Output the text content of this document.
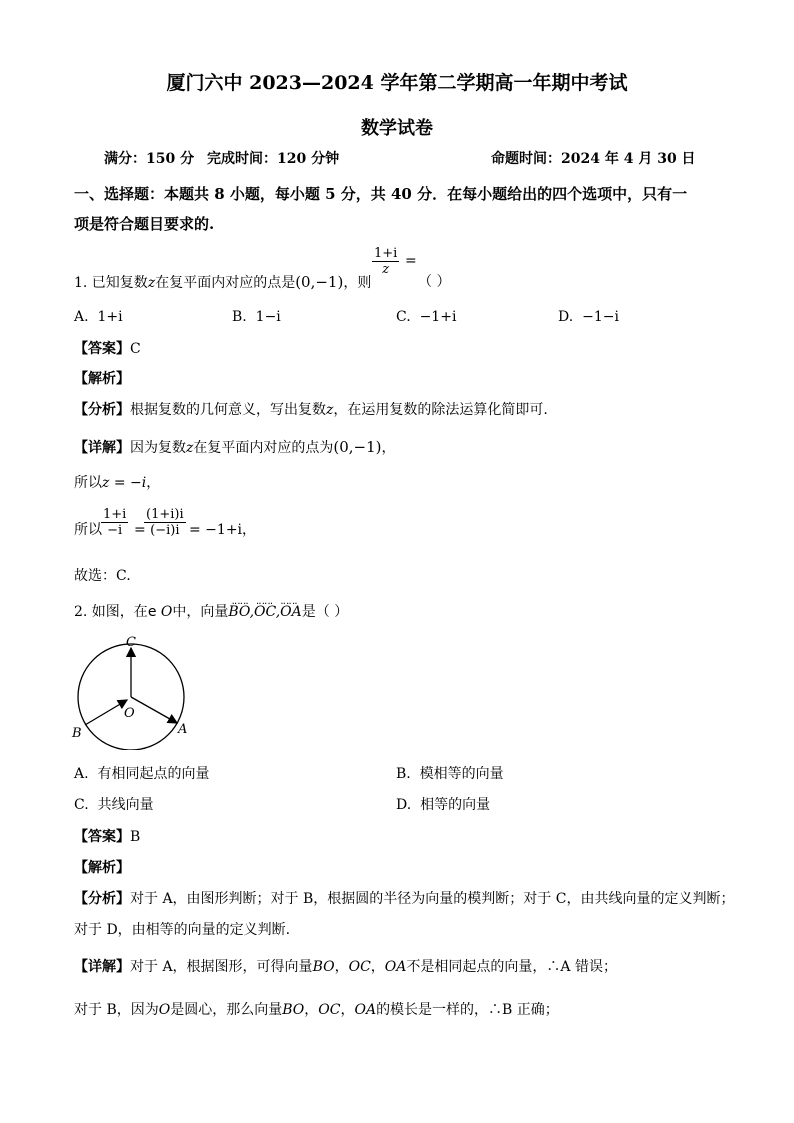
厦门六中 2023—2024 学年第二学期高一年期中考试
数学试卷
满分：150 分 完成时间：120 分钟	命题时间：2024 年 4 月 30 日
一、选择题：本题共 8 小题，每小题 5 分，共 40 分．在每小题给出的四个选项中，只有一
项是符合题目要求的.
1. 已知复数z在复平面内对应的点是(0,−1)，则
$\frac{1+i}{z}$ =
（ ）
A. 1+i	B. 1−i	C. −1+i	D. −1−i
【答案】C
【解析】
【分析】根据复数的几何意义，写出复数z，在运用复数的除法运算化简即可.
【详解】因为复数z在复平面内对应的点为(0,−1)，
所以z = −i，
所以 $\frac{1+i}{-i}$ =
$\frac{(1+i)i}{(-i)i} = -1+i$，
故选：C.
2. 如图，在e O中，向量BO,OC,OA是（ ）
ꓺꓺꓺ  ꓺꓺꓺ  ꓺꓺꓺ
C
O
A
B
A. 有相同起点的向量	B. 模相等的向量
C. 共线向量	D. 相等的向量
【答案】B
【解析】
【分析】对于 A，由图形判断；对于 B，根据圆的半径为向量的模判断；对于 C，由共线向量的定义判断；
对于 D，由相等的向量的定义判断.
【详解】对于 A，根据图形，可得向量BO，OC，OA不是相同起点的向量，∴A 错误；
对于 B，因为O是圆心，那么向量BO，OC，OA的模长是一样的，∴B 正确；
